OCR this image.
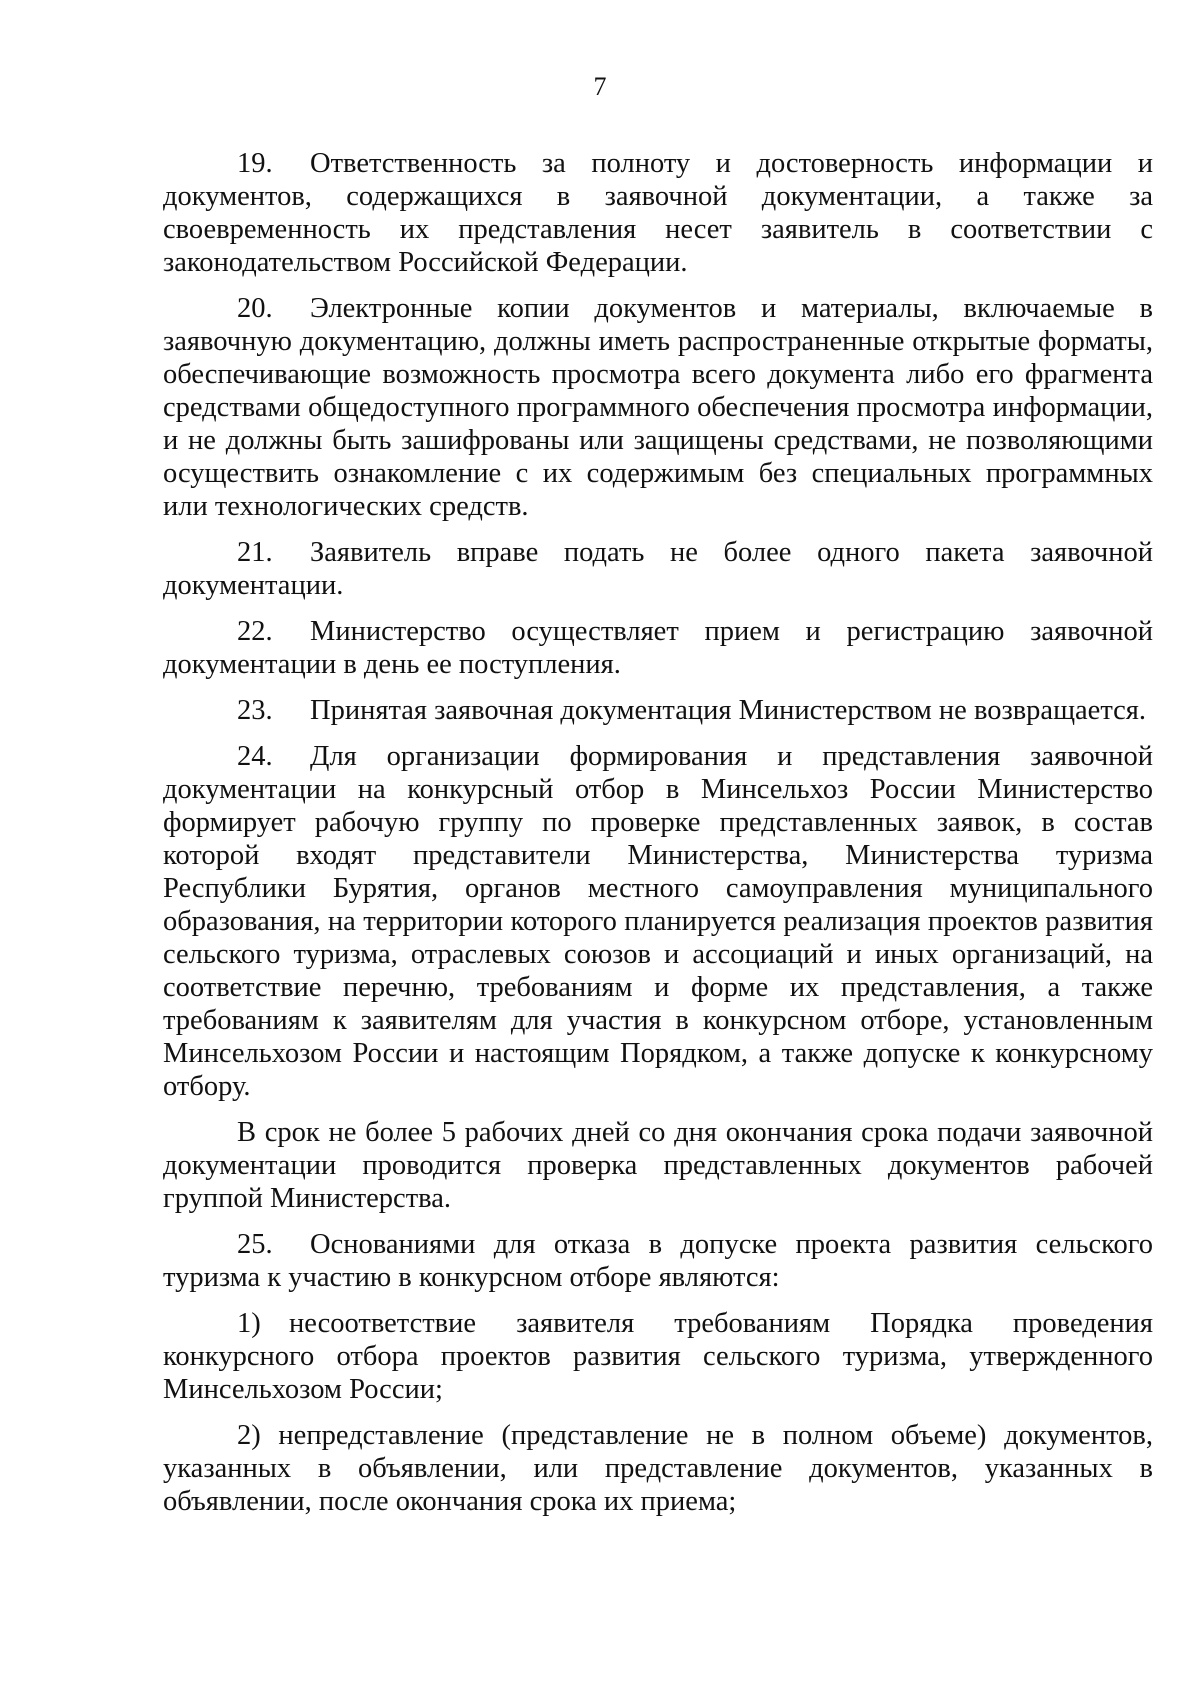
7

19. Ответственность за полноту и достоверность информации и документов, содержащихся в заявочной документации, а также за своевременность их представления несет заявитель в соответствии с законодательством Российской Федерации.

20. Электронные копии документов и материалы, включаемые в заявочную документацию, должны иметь распространенные открытые форматы, обеспечивающие возможность просмотра всего документа либо его фрагмента средствами общедоступного программного обеспечения просмотра информации, и не должны быть зашифрованы или защищены средствами, не позволяющими осуществить ознакомление с их содержимым без специальных программных или технологических средств.

21. Заявитель вправе подать не более одного пакета заявочной документации.

22. Министерство осуществляет прием и регистрацию заявочной документации в день ее поступления.

23. Принятая заявочная документация Министерством не возвращается.

24. Для организации формирования и представления заявочной документации на конкурсный отбор в Минсельхоз России Министерство формирует рабочую группу по проверке представленных заявок, в состав которой входят представители Министерства, Министерства туризма Республики Бурятия, органов местного самоуправления муниципального образования, на территории которого планируется реализация проектов развития сельского туризма, отраслевых союзов и ассоциаций и иных организаций, на соответствие перечню, требованиям и форме их представления, а также требованиям к заявителям для участия в конкурсном отборе, установленным Минсельхозом России и настоящим Порядком, а также допуске к конкурсному отбору.

В срок не более 5 рабочих дней со дня окончания срока подачи заявочной документации проводится проверка представленных документов рабочей группой Министерства.

25. Основаниями для отказа в допуске проекта развития сельского туризма к участию в конкурсном отборе являются:

1) несоответствие заявителя требованиям Порядка проведения конкурсного отбора проектов развития сельского туризма, утвержденного Минсельхозом России;

2) непредставление (представление не в полном объеме) документов, указанных в объявлении, или представление документов, указанных в объявлении, после окончания срока их приема;
